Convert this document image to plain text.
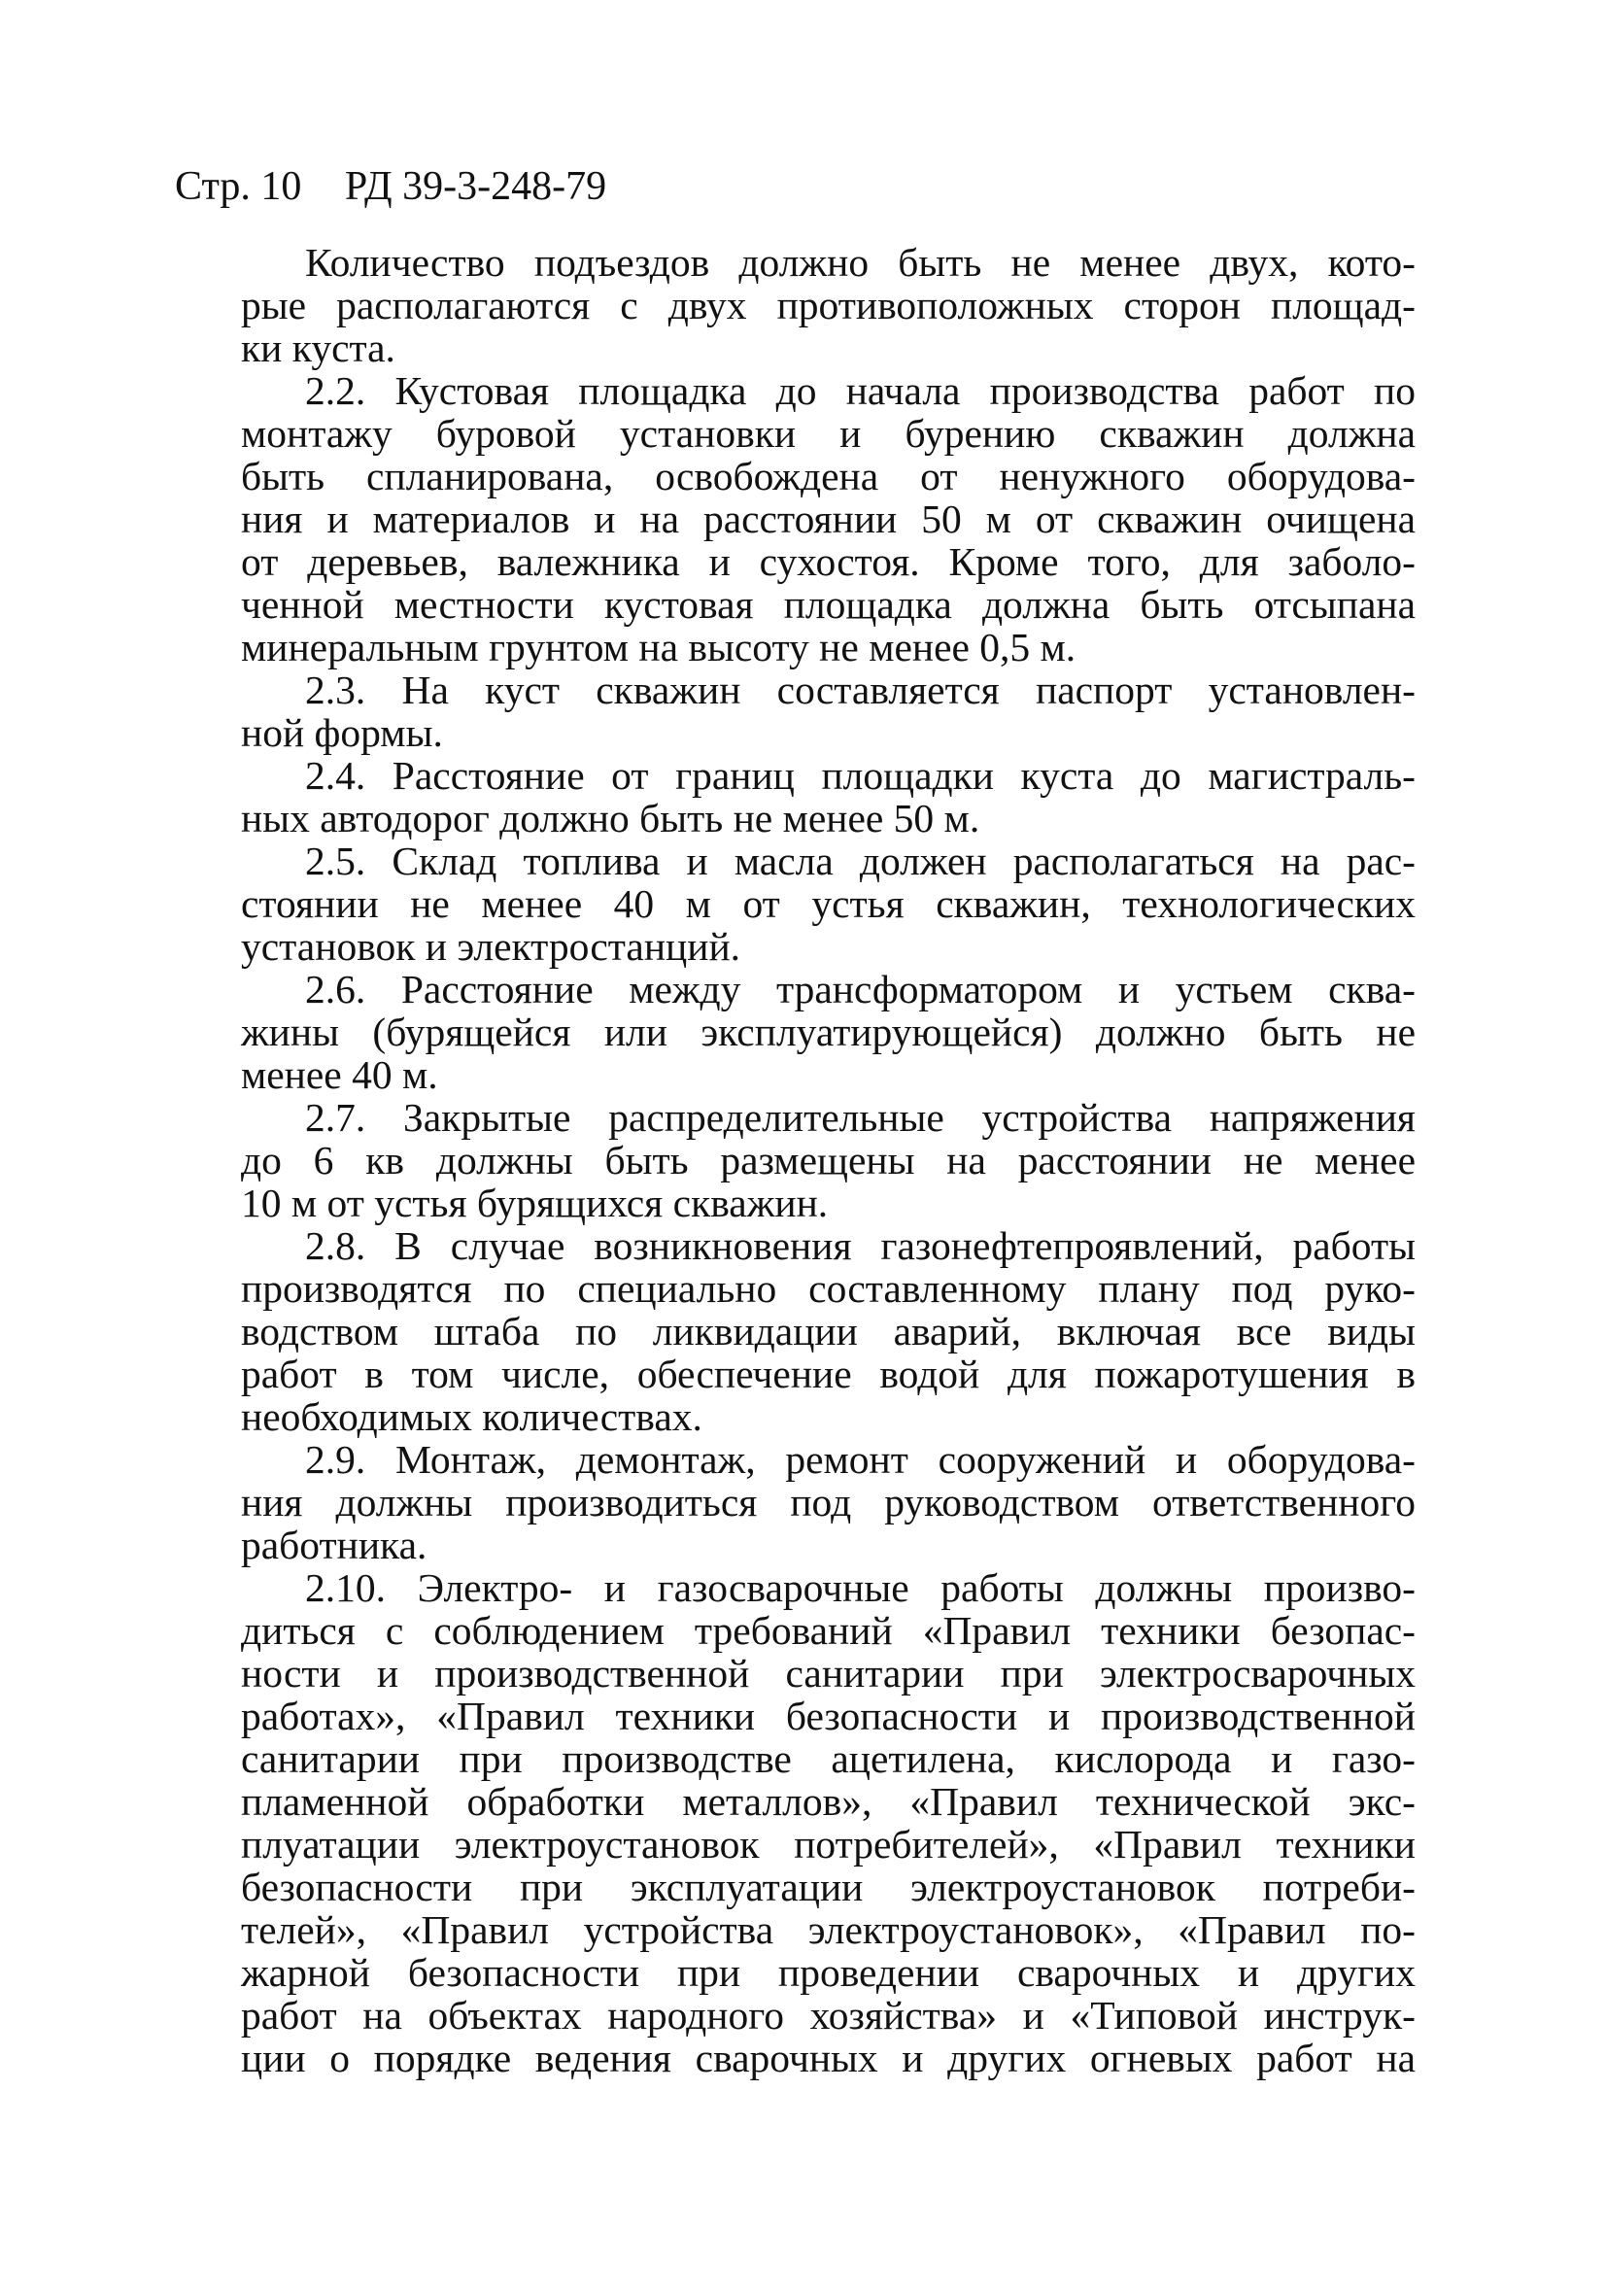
Стр. 10 РД 39-3-248-79
Количество подъездов должно быть не менее двух, кото-
рые располагаются с двух противоположных сторон площад-
ки куста.
2.2. Кустовая площадка до начала производства работ по
монтажу буровой установки и бурению скважин должна
быть спланирована, освобождена от ненужного оборудова-
ния и материалов и на расстоянии 50 м от скважин очищена
от деревьев, валежника и сухостоя. Кроме того, для заболо-
ченной местности кустовая площадка должна быть отсыпана
минеральным грунтом на высоту не менее 0,5 м.
2.3. На куст скважин составляется паспорт установлен-
ной формы.
2.4. Расстояние от границ площадки куста до магистраль-
ных автодорог должно быть не менее 50 м.
2.5. Склад топлива и масла должен располагаться на рас-
стоянии не менее 40 м от устья скважин, технологических
установок и электростанций.
2.6. Расстояние между трансформатором и устьем сква-
жины (бурящейся или эксплуатирующейся) должно быть не
менее 40 м.
2.7. Закрытые распределительные устройства напряжения
до 6 кв должны быть размещены на расстоянии не менее
10 м от устья бурящихся скважин.
2.8. В случае возникновения газонефтепроявлений, работы
производятся по специально составленному плану под руко-
водством штаба по ликвидации аварий, включая все виды
работ в том числе, обеспечение водой для пожаротушения в
необходимых количествах.
2.9. Монтаж, демонтаж, ремонт сооружений и оборудова-
ния должны производиться под руководством ответственного
работника.
2.10. Электро- и газосварочные работы должны произво-
диться с соблюдением требований «Правил техники безопас-
ности и производственной санитарии при электросварочных
работах», «Правил техники безопасности и производственной
санитарии при производстве ацетилена, кислорода и газо-
пламенной обработки металлов», «Правил технической экс-
плуатации электроустановок потребителей», «Правил техники
безопасности при эксплуатации электроустановок потреби-
телей», «Правил устройства электроустановок», «Правил по-
жарной безопасности при проведении сварочных и других
работ на объектах народного хозяйства» и «Типовой инструк-
ции о порядке ведения сварочных и других огневых работ на
